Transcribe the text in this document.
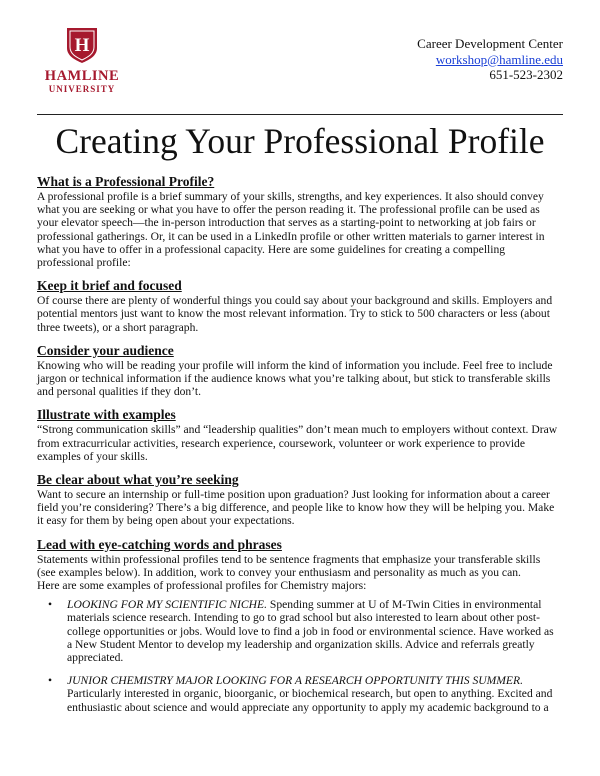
H
HAMLINE
UNIVERSITY
Career Development Center
workshop@hamline.edu
651-523-2302
Creating Your Professional Profile
What is a Professional Profile?

A professional profile is a brief summary of your skills, strengths, and key experiences. It also should convey what you are seeking or what you have to offer the person reading it. The professional profile can be used as your elevator speech—the in-person introduction that serves as a starting-point to networking at job fairs or professional gatherings. Or, it can be used in a LinkedIn profile or other written materials to garner interest in what you have to offer in a professional capacity. Here are some guidelines for creating a compelling professional profile:

Keep it brief and focused

Of course there are plenty of wonderful things you could say about your background and skills. Employers and potential mentors just want to know the most relevant information. Try to stick to 500 characters or less (about three tweets), or a short paragraph.

Consider your audience

Knowing who will be reading your profile will inform the kind of information you include. Feel free to include jargon or technical information if the audience knows what you’re talking about, but stick to transferable skills and personal qualities if they don’t.

Illustrate with examples

“Strong communication skills” and “leadership qualities” don’t mean much to employers without context. Draw from extracurricular activities, research experience, coursework, volunteer or work experience to provide examples of your skills.

Be clear about what you’re seeking

Want to secure an internship or full-time position upon graduation? Just looking for information about a career field you’re considering? There’s a big difference, and people like to know how they will be helping you. Make it easy for them by being open about your expectations.

Lead with eye-catching words and phrases

Statements within professional profiles tend to be sentence fragments that emphasize your transferable skills (see examples below). In addition, work to convey your enthusiasm and personality as much as you can.

Here are some examples of professional profiles for Chemistry majors:

• LOOKING FOR MY SCIENTIFIC NICHE. Spending summer at U of M-Twin Cities in environmental materials science research. Intending to go to grad school but also interested to learn about other post-college opportunities or jobs. Would love to find a job in food or environmental science. Have worked as a New Student Mentor to develop my leadership and organization skills. Advice and referrals greatly appreciated.
• JUNIOR CHEMISTRY MAJOR LOOKING FOR A RESEARCH OPPORTUNITY THIS SUMMER. Particularly interested in organic, bioorganic, or biochemical research, but open to anything. Excited and enthusiastic about science and would appreciate any opportunity to apply my academic background to a
